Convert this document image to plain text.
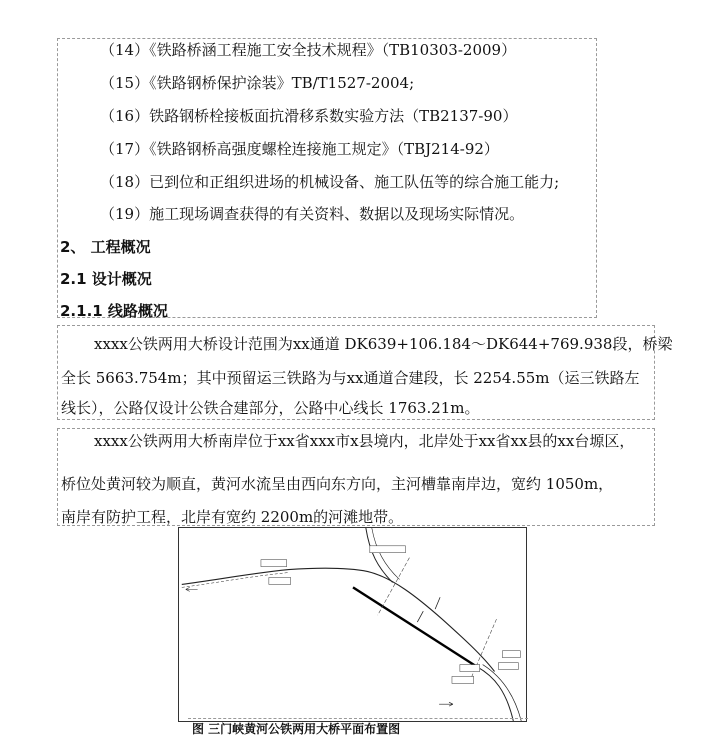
（14）《铁路桥涵工程施工安全技术规程》（TB10303-2009）
（15）《铁路钢桥保护涂装》TB/T1527-2004;
（16）铁路钢桥栓接板面抗滑移系数实验方法（TB2137-90）
（17）《铁路钢桥高强度螺栓连接施工规定》（TBJ214-92）
（18）已到位和正组织进场的机械设备、施工队伍等的综合施工能力;
（19）施工现场调查获得的有关资料、数据以及现场实际情况。
2、 工程概况
2.1 设计概况
2.1.1 线路概况
xxxx公铁两用大桥设计范围为xx通道 DK639+106.184～DK644+769.938段，桥梁
全长 5663.754m；其中预留运三铁路为与xx通道合建段，长 2254.55m（运三铁路左
线长），公路仅设计公铁合建部分，公路中心线长 1763.21m。
xxxx公铁两用大桥南岸位于xx省xxx市x县境内，北岸处于xx省xx县的xx台塬区，
桥位处黄河较为顺直，黄河水流呈由西向东方向，主河槽靠南岸边，宽约 1050m，
南岸有防护工程，北岸有宽约 2200m的河滩地带。
图 三门峡黄河公铁两用大桥平面布置图
